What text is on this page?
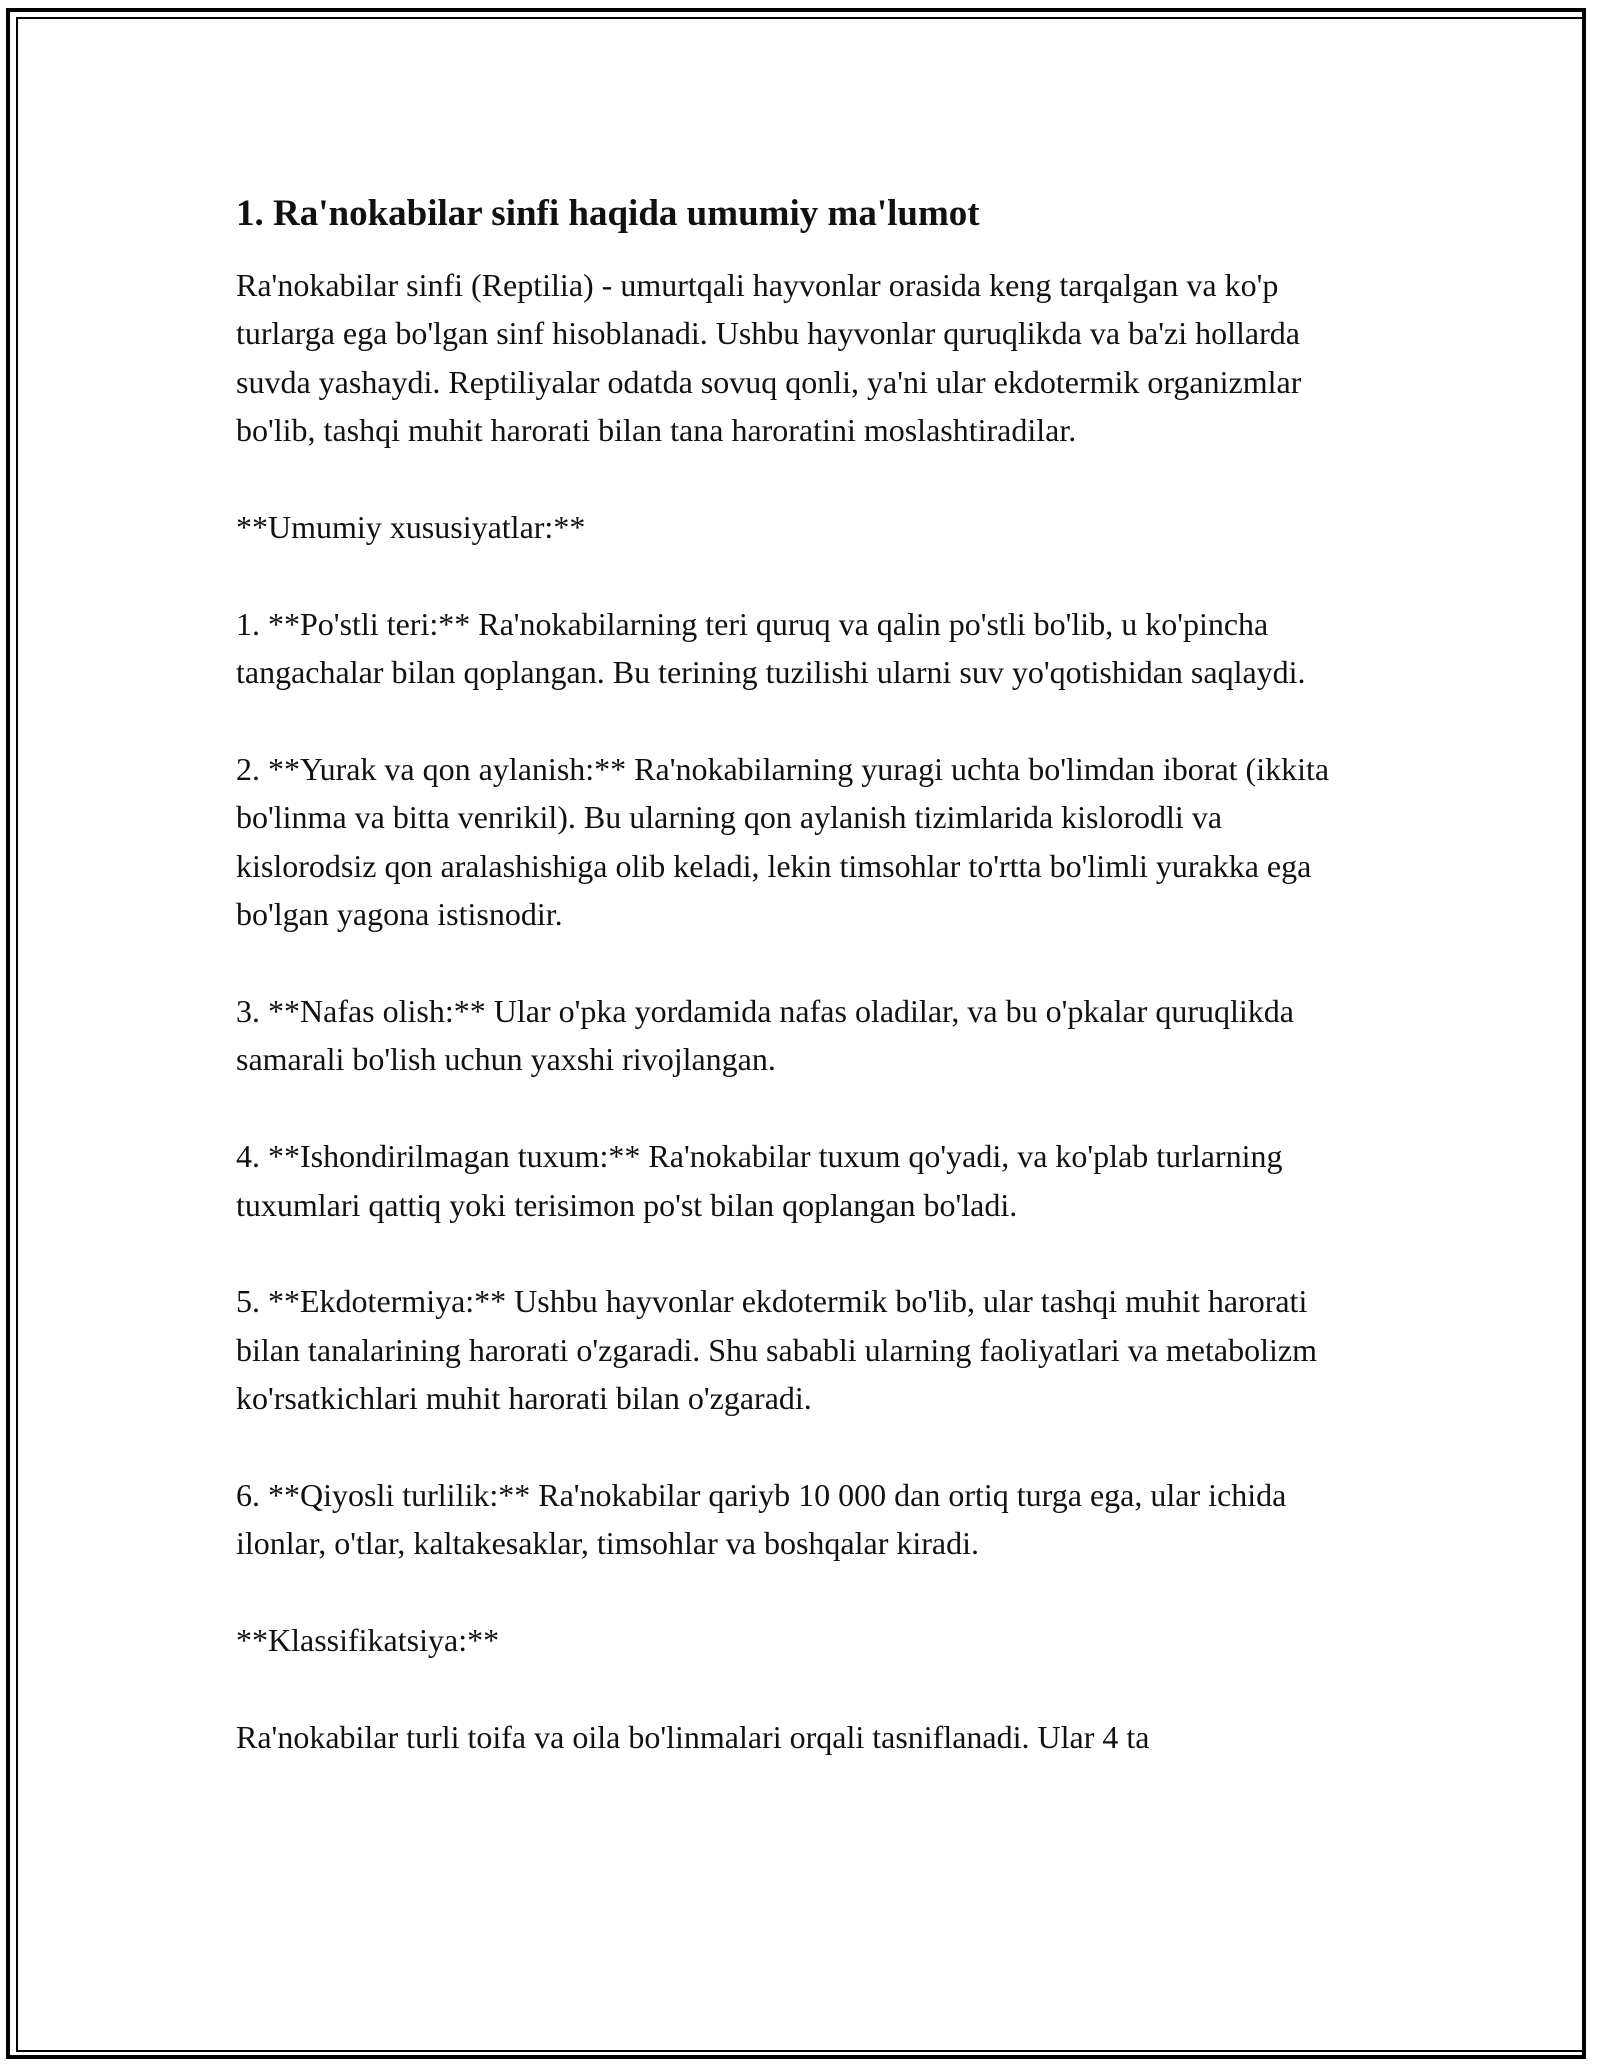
1. Ra'nokabilar sinfi haqida umumiy ma'lumot

Ra'nokabilar sinfi (Reptilia) - umurtqali hayvonlar orasida keng tarqalgan va ko'p turlarga ega bo'lgan sinf hisoblanadi. Ushbu hayvonlar quruqlikda va ba'zi hollarda suvda yashaydi. Reptiliyalar odatda sovuq qonli, ya'ni ular ekdotermik organizmlar bo'lib, tashqi muhit harorati bilan tana haroratini moslashtiradilar.

**Umumiy xususiyatlar:**

1. **Po'stli teri:** Ra'nokabilarning teri quruq va qalin po'stli bo'lib, u ko'pincha tangachalar bilan qoplangan. Bu terining tuzilishi ularni suv yo'qotishidan saqlaydi.

2. **Yurak va qon aylanish:** Ra'nokabilarning yuragi uchta bo'limdan iborat (ikkita bo'linma va bitta venrikil). Bu ularning qon aylanish tizimlarida kislorodli va kislorodsiz qon aralashishiga olib keladi, lekin timsohlar to'rtta bo'limli yurakka ega bo'lgan yagona istisnodir.

3. **Nafas olish:** Ular o'pka yordamida nafas oladilar, va bu o'pkalar quruqlikda samarali bo'lish uchun yaxshi rivojlangan.

4. **Ishondirilmagan tuxum:** Ra'nokabilar tuxum qo'yadi, va ko'plab turlarning tuxumlari qattiq yoki terisimon po'st bilan qoplangan bo'ladi.

5. **Ekdotermiya:** Ushbu hayvonlar ekdotermik bo'lib, ular tashqi muhit harorati bilan tanalarining harorati o'zgaradi. Shu sababli ularning faoliyatlari va metabolizm ko'rsatkichlari muhit harorati bilan o'zgaradi.

6. **Qiyosli turlilik:** Ra'nokabilar qariyb 10 000 dan ortiq turga ega, ular ichida ilonlar, o'tlar, kaltakesaklar, timsohlar va boshqalar kiradi.

**Klassifikatsiya:**

Ra'nokabilar turli toifa va oila bo'linmalari orqali tasniflanadi. Ular 4 ta
